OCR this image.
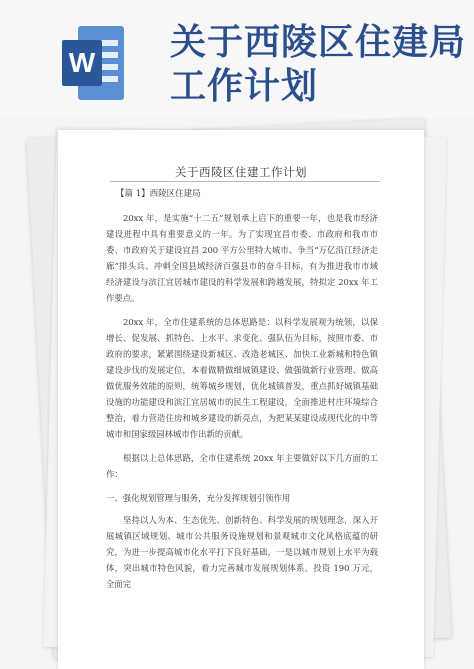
W 关于西陵区住建局
工作计划
关于西陵区住建工作计划
【篇 1】西陵区住建局

20xx 年，是实施“十二五”规划承上启下的重要一年，也是我市经济建设进程中具有重要意义的一年。为了实现宜昌市委、市政府和我市市委、市政府关于建设宜昌 200 平方公里特大城市、争当“万亿沿江经济走廊”排头兵、冲刺全国县域经济百强县市的奋斗目标，有为推进我市市域经济建设与滨江宜居城市建设的科学发展和跨越发展，特拟定 20xx 年工作要点。

20xx 年，全市住建系统的总体思路是：以科学发展观为统领，以保增长、促发展、抓特色、上水平、求变化、强队伍为目标，按照市委、市政府的要求，紧紧围绕建设新城区、改造老城区、加快工业新城和特色镇建设步伐的发展定位，本着做精做细城镇建设、做强做新行业管理、做高做优服务效能的原则，统筹城乡规划，优化城镇普发，重点抓好城镇基础设施的功能建设和滨江宜居城市的民生工程建设，全面推进村庄环境综合整治，着力营造住房和城乡建设的新亮点，为把某某建设成现代化的中等城市和国家级园林城市作出新的贡献。

根据以上总体思路，全市住建系统 20xx 年主要做好以下几方面的工作：

一、强化规划管理与服务，充分发挥规划引领作用

坚持以人为本、生态优先、创新特色、科学发展的规划理念，深入开展城镇区域规划、城市公共服务设施规划和景观城市文化风格底蕴的研究，为进一步提高城市化水平打下良好基础，一是以城市规划上水平为载体，突出城市特色风貌，着力完善城市发展规划体系。投资 190 万元，全面完
